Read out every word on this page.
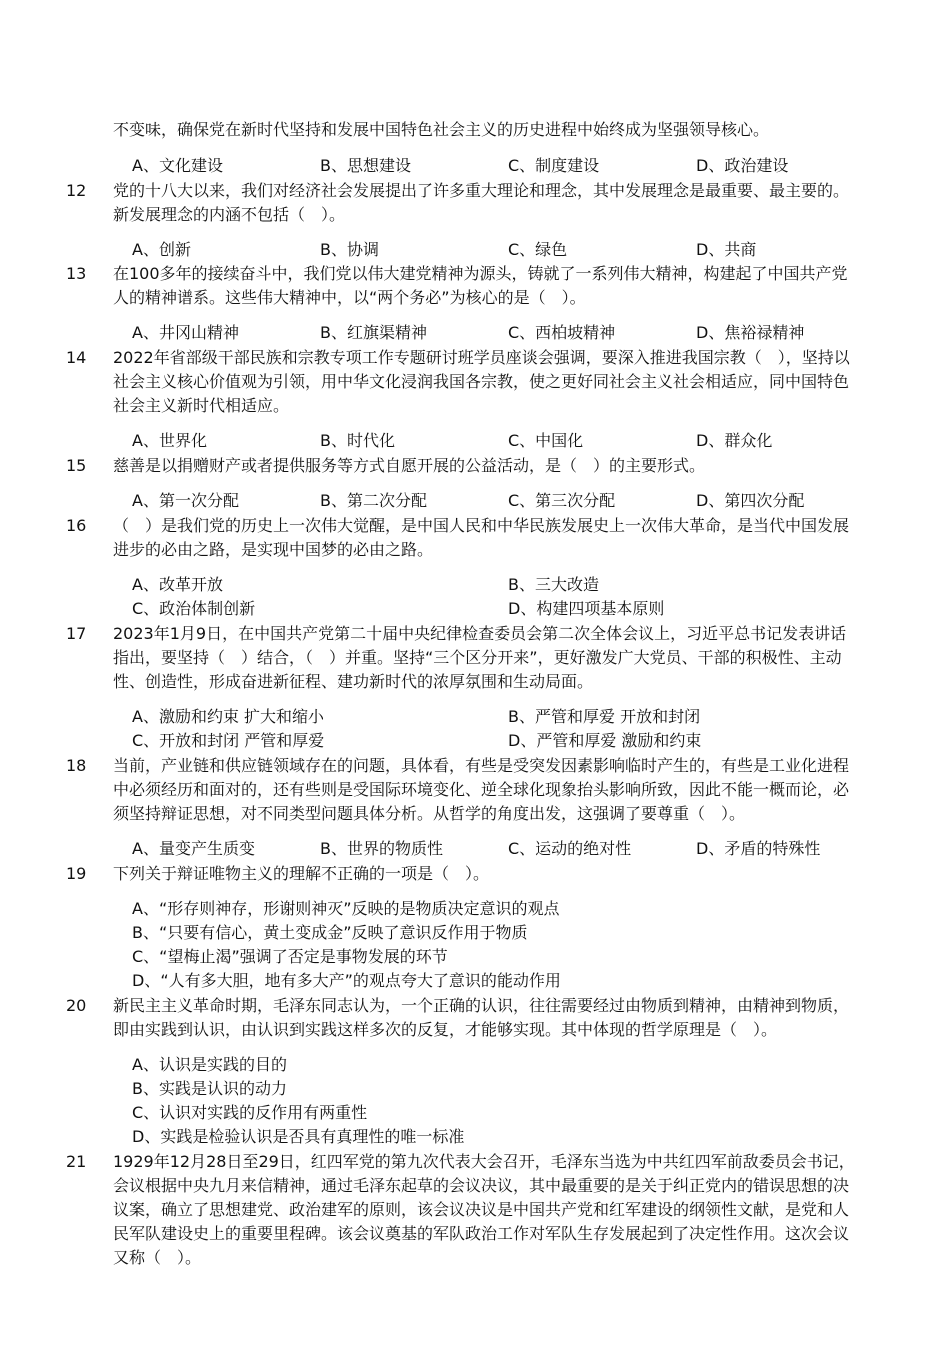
不变味，确保党在新时代坚持和发展中国特色社会主义的历史进程中始终成为坚强领导核心。
A、文化建设	B、思想建设	C、制度建设	D、政治建设
12	党的十八大以来，我们对经济社会发展提出了许多重大理论和理念，其中发展理念是最重要、最主要的。新发展理念的内涵不包括（　）。
A、创新	B、协调	C、绿色	D、共商
13	在100多年的接续奋斗中，我们党以伟大建党精神为源头，铸就了一系列伟大精神，构建起了中国共产党人的精神谱系。这些伟大精神中，以“两个务必”为核心的是（　）。
A、井冈山精神	B、红旗渠精神	C、西柏坡精神	D、焦裕禄精神
14	2022年省部级干部民族和宗教专项工作专题研讨班学员座谈会强调，要深入推进我国宗教（　），坚持以社会主义核心价值观为引领，用中华文化浸润我国各宗教，使之更好同社会主义社会相适应，同中国特色社会主义新时代相适应。
A、世界化	B、时代化	C、中国化	D、群众化
15	慈善是以捐赠财产或者提供服务等方式自愿开展的公益活动，是（　）的主要形式。
A、第一次分配	B、第二次分配	C、第三次分配	D、第四次分配
16	（　）是我们党的历史上一次伟大觉醒，是中国人民和中华民族发展史上一次伟大革命，是当代中国发展进步的必由之路，是实现中国梦的必由之路。
A、改革开放	B、三大改造
C、政治体制创新	D、构建四项基本原则
17	2023年1月9日，在中国共产党第二十届中央纪律检查委员会第二次全体会议上，习近平总书记发表讲话指出，要坚持（　）结合，（　）并重。坚持“三个区分开来”，更好激发广大党员、干部的积极性、主动性、创造性，形成奋进新征程、建功新时代的浓厚氛围和生动局面。
A、激励和约束 扩大和缩小	B、严管和厚爱 开放和封闭
C、开放和封闭 严管和厚爱	D、严管和厚爱 激励和约束
18	当前，产业链和供应链领域存在的问题，具体看，有些是受突发因素影响临时产生的，有些是工业化进程中必须经历和面对的，还有些则是受国际环境变化、逆全球化现象抬头影响所致，因此不能一概而论，必须坚持辩证思想，对不同类型问题具体分析。从哲学的角度出发，这强调了要尊重（　）。
A、量变产生质变	B、世界的物质性	C、运动的绝对性	D、矛盾的特殊性
19	下列关于辩证唯物主义的理解不正确的一项是（　）。
A、“形存则神存，形谢则神灭”反映的是物质决定意识的观点
B、“只要有信心，黄土变成金”反映了意识反作用于物质
C、“望梅止渴”强调了否定是事物发展的环节
D、“人有多大胆，地有多大产”的观点夸大了意识的能动作用
20	新民主主义革命时期，毛泽东同志认为，一个正确的认识，往往需要经过由物质到精神，由精神到物质，即由实践到认识，由认识到实践这样多次的反复，才能够实现。其中体现的哲学原理是（　）。
A、认识是实践的目的
B、实践是认识的动力
C、认识对实践的反作用有两重性
D、实践是检验认识是否具有真理性的唯一标准
21	1929年12月28日至29日，红四军党的第九次代表大会召开，毛泽东当选为中共红四军前敌委员会书记，会议根据中央九月来信精神，通过毛泽东起草的会议决议，其中最重要的是关于纠正党内的错误思想的决议案，确立了思想建党、政治建军的原则，该会议决议是中国共产党和红军建设的纲领性文献，是党和人民军队建设史上的重要里程碑。该会议奠基的军队政治工作对军队生存发展起到了决定性作用。这次会议又称（　）。
